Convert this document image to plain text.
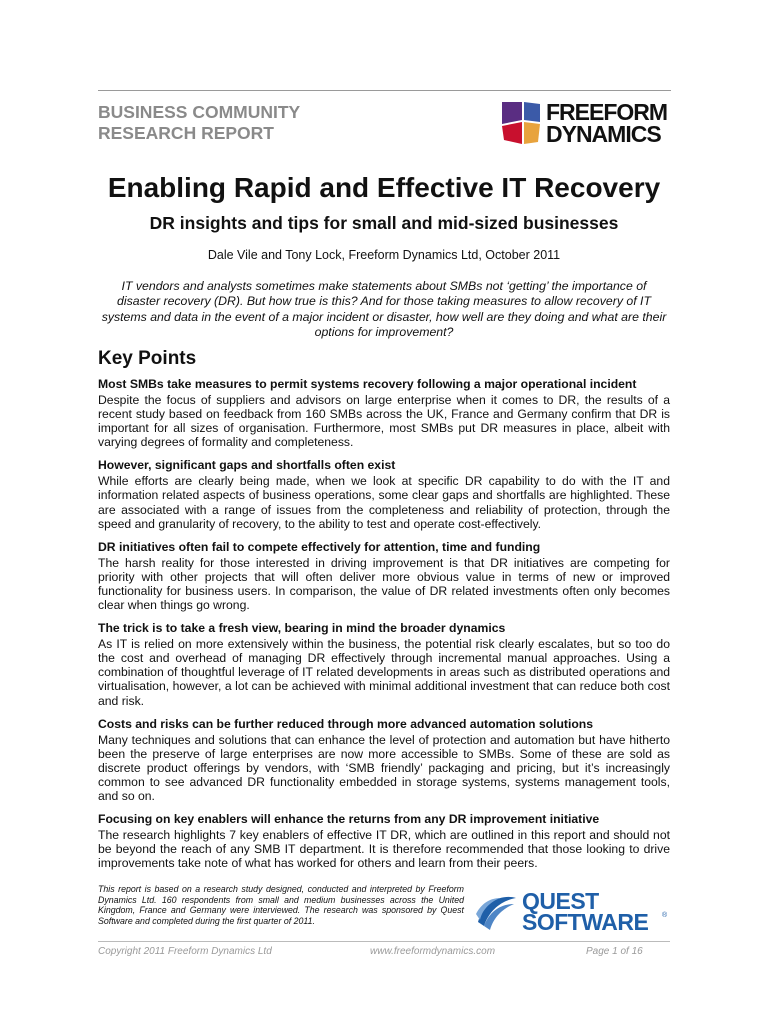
BUSINESS COMMUNITY
RESEARCH REPORT
FREEFORM
DYNAMICS
Enabling Rapid and Effective IT Recovery
DR insights and tips for small and mid-sized businesses
Dale Vile and Tony Lock, Freeform Dynamics Ltd, October 2011
IT vendors and analysts sometimes make statements about SMBs not ‘getting’ the importance of disaster recovery (DR). But how true is this? And for those taking measures to allow recovery of IT systems and data in the event of a major incident or disaster, how well are they doing and what are their options for improvement?
Key Points

Most SMBs take measures to permit systems recovery following a major operational incident

Despite the focus of suppliers and advisors on large enterprise when it comes to DR, the results of a recent study based on feedback from 160 SMBs across the UK, France and Germany confirm that DR is important for all sizes of organisation. Furthermore, most SMBs put DR measures in place, albeit with varying degrees of formality and completeness.

However, significant gaps and shortfalls often exist

While efforts are clearly being made, when we look at specific DR capability to do with the IT and information related aspects of business operations, some clear gaps and shortfalls are highlighted. These are associated with a range of issues from the completeness and reliability of protection, through the speed and granularity of recovery, to the ability to test and operate cost-effectively.

DR initiatives often fail to compete effectively for attention, time and funding

The harsh reality for those interested in driving improvement is that DR initiatives are competing for priority with other projects that will often deliver more obvious value in terms of new or improved functionality for business users. In comparison, the value of DR related investments often only becomes clear when things go wrong.

The trick is to take a fresh view, bearing in mind the broader dynamics

As IT is relied on more extensively within the business, the potential risk clearly escalates, but so too do the cost and overhead of managing DR effectively through incremental manual approaches. Using a combination of thoughtful leverage of IT related developments in areas such as distributed operations and virtualisation, however, a lot can be achieved with minimal additional investment that can reduce both cost and risk.

Costs and risks can be further reduced through more advanced automation solutions

Many techniques and solutions that can enhance the level of protection and automation but have hitherto been the preserve of large enterprises are now more accessible to SMBs. Some of these are sold as discrete product offerings by vendors, with ‘SMB friendly’ packaging and pricing, but it’s increasingly common to see advanced DR functionality embedded in storage systems, systems management tools, and so on.

Focusing on key enablers will enhance the returns from any DR improvement initiative

The research highlights 7 key enablers of effective IT DR, which are outlined in this report and should not be beyond the reach of any SMB IT department. It is therefore recommended that those looking to drive improvements take note of what has worked for others and learn from their peers.

This report is based on a research study designed, conducted and interpreted by Freeform Dynamics Ltd. 160 respondents from small and medium businesses across the United Kingdom, France and Germany were interviewed. The research was sponsored by Quest Software and completed during the first quarter of 2011.
QUEST
SOFTWARE ®
Copyright 2011 Freeform Dynamics Ltd	www.freeformdynamics.com	Page 1 of 16
